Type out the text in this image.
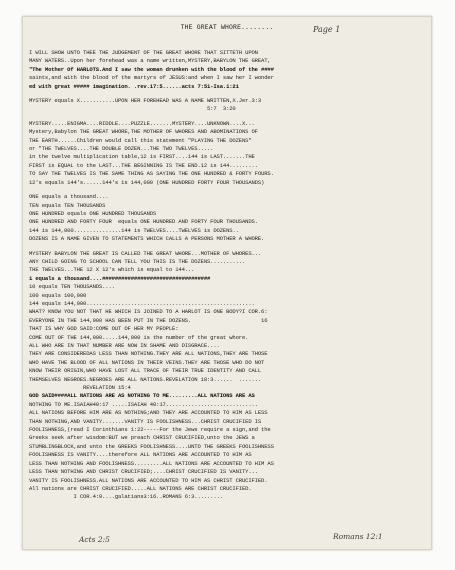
Page 1
THE GREAT WHORE........
I WILL SHOW UNTO THEE THE JUDGEMENT OF THE GREAT WHORE THAT SITTETH UPON
MANY WATERS..Upon her forehead was a name written,MYSTERY,BABYLON THE GREAT,
"The Mother Of HARLOTS.And I saw the woman drunken with the blood of the ####
saints,and with the blood of the martyrs of JESUS:and when I saw her I wonder
ed with great ##### imagination. .rev.17:5......acts 7:51-Isa.1:21
MYSTERY equals X...........UPON HER FOREHEAD WAS A NAME WRITTEN,X.Jer.3:3
5:7  3:20
MYSTERY.....ENIGMA....RIDDLE....PUZZLE.......MYSTERY....UNKNOWN....X...
Mystery,Babylon THE GREAT WHORE,THE MOTHER OF WHORES AND ABOMINATIONS OF
THE EARTH......Children would call this statement "PLAYING THE DOZENS"
or "THE TWELVES....THE DOUBLE DOZEN...THE TWO TWELVES.....
in the twelve multiplication table,12 is FIRST....144 is LAST.......THE
FIRST is EQUAL to the LAST...THE BEGINNING IS THE END.12 is 144.........
TO SAY THE TWELVES IS THE SAME THING AS SAYING THE ONE HUNDRED & FORTY FOURS.
12's equals 144's......144's is 144,000 (ONE HUNDRED FORTY FOUR THOUSANDS)
ONE equals a thousand....
TEN equals TEN THOUSANDS
ONE HUNDRED equals ONE HUNDRED THOUSANDS
ONE HUNDRED AND FORTY FOUR  equals ONE HUNDRED AND FORTY FOUR THOUSANDS.
144 is 144,000...............144 is TWELVES....TWELVES is DOZENS..
DOZENS IS A NAME GIVEN TO STATEMENTS WHICH CALLS A PERSONS MOTHER A WHORE.
MYSTERY BABYLON THE GREAT IS CALLED THE GREAT WHORE...MOTHER OF WHORES...
ANY CHILD GOING TO SCHOOL CAN TELL YOU THIS IS THE DOZENS...........
THE TWELVES...THE 12 X 12's which is equal to 144...
1 equals a thousand....##################################
10 equals TEN THOUSANDS....
100 equals 100,000
144 equals 144,000.....................................................
WHAT? KNOW YOU NOT THAT HE WHICH IS JOINED TO A HARLOT IS ONE BODY?I COR.6:
EVERYONE IN THE 144,000 HAS BEEN PUT IN THE DOZENS.                      16
THAT IS WHY GOD SAID:COME OUT OF HER MY PEOPLE:
COME OUT OF THE 144,000.....144,000 is the number of the great whore.
ALL WHO ARE IN THAT NUMBER ARE NOW IN SHAME AND DISGRACE....
THEY ARE CONSIDEREDAS LESS THAN NOTHING.THEY ARE ALL NATIONS,THEY ARE THOSE
WHO HAVE THE BLOOD OF ALL NATIONS IN THEIR VEINS.THEY ARE THOSE WHO DO NOT
KNOW THEIR ORIGIN,WHO HAVE LOST ALL TRACE OF THEIR TRUE IDENTITY AND CALL
THEMSELVES NEGROES.NEGROES ARE ALL NATIONS.REVELATION 18:3......  .......
REVELATION 15:4
GOD SAID####ALL NATIONS ARE AS NOTHING TO ME.........ALL NATIONS ARE AS
NOTHING TO ME.ISAIAH40:17 .....ISAIAH 40:17.............................
ALL NATIONS BEFORE HIM ARE AS NOTHING;AND THEY ARE ACCOUNTED TO HIM AS LESS
THAN NOTHING,AND VANITY.......VANITY IS FOOLISHNESS...CHRIST CRUCIFIED IS
FOOLISHNESS,(read I Corinthians 1:22-----For the Jews require a sign,and the
Greeks seek after wisdom:BUT we preach CHRIST CRUCIFIED,unto the JEWS a
STUMBLINGBLOCK,and unto the GREEKS FOOLISHNESS....UNTO THE GREEKS FOOLISHNESS
FOOLISHNESS IS VANITY....therefore ALL NATIONS ARE ACCOUNTED TO HIM AS
LESS THAN NOTHING AND FOOLISHNESS.........ALL NATIONS ARE ACCOUNTED TO HIM AS
LESS THAN NOTHING AND CHRIST CRUCIFIED;....CHRIST CRUCIFIED IS VANITY...
VANITY IS FOOLISHNESS.ALL NATIONS ARE ACCOUNTED TO HIM AS CHRIST CRUCIFIED.
All nations are CHRIST CRUCIFIED.....ALL NATIONS ARE CHRIST CRUCIFIED.
I COR.4:9....galatians3:16..ROMANS 6:3.........
Acts 2:5	Romans 12:1
